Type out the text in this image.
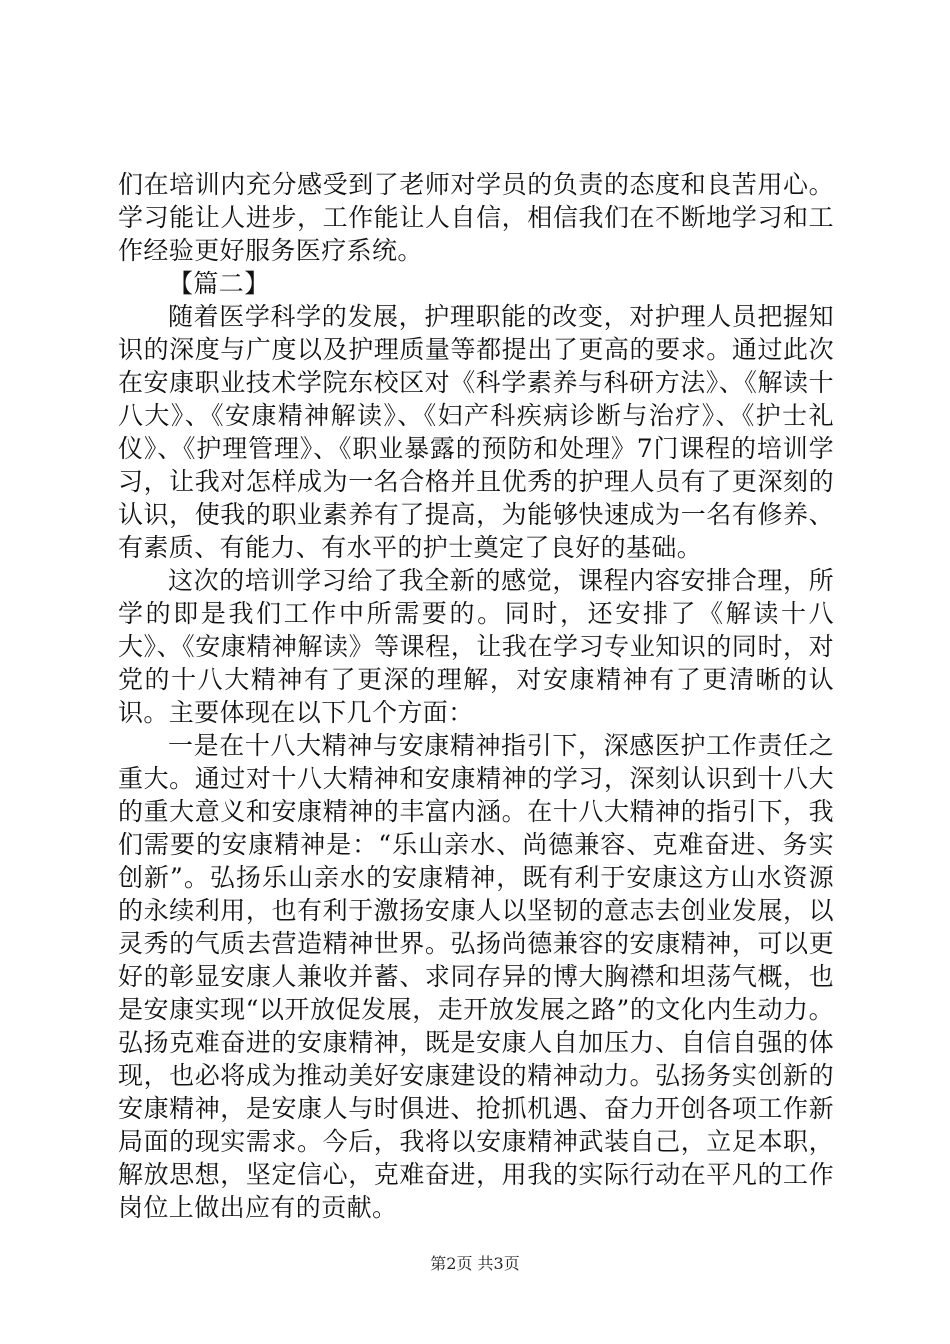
们在培训内充分感受到了老师对学员的负责的态度和良苦用心。学习能让人进步，工作能让人自信，相信我们在不断地学习和工作经验更好服务医疗系统。

【篇二】

随着医学科学的发展，护理职能的改变，对护理人员把握知识的深度与广度以及护理质量等都提出了更高的要求。通过此次在安康职业技术学院东校区对《科学素养与科研方法》、《解读十八大》、《安康精神解读》、《妇产科疾病诊断与治疗》、《护士礼仪》、《护理管理》、《职业暴露的预防和处理》7门课程的培训学习，让我对怎样成为一名合格并且优秀的护理人员有了更深刻的认识，使我的职业素养有了提高，为能够快速成为一名有修养、有素质、有能力、有水平的护士奠定了良好的基础。

这次的培训学习给了我全新的感觉，课程内容安排合理，所学的即是我们工作中所需要的。同时，还安排了《解读十八大》、《安康精神解读》等课程，让我在学习专业知识的同时，对党的十八大精神有了更深的理解，对安康精神有了更清晰的认识。主要体现在以下几个方面：

一是在十八大精神与安康精神指引下，深感医护工作责任之重大。通过对十八大精神和安康精神的学习，深刻认识到十八大的重大意义和安康精神的丰富内涵。在十八大精神的指引下，我们需要的安康精神是：“乐山亲水、尚德兼容、克难奋进、务实创新”。弘扬乐山亲水的安康精神，既有利于安康这方山水资源的永续利用，也有利于激扬安康人以坚韧的意志去创业发展，以灵秀的气质去营造精神世界。弘扬尚德兼容的安康精神，可以更好的彰显安康人兼收并蓄、求同存异的博大胸襟和坦荡气概，也是安康实现“以开放促发展，走开放发展之路”的文化内生动力。弘扬克难奋进的安康精神，既是安康人自加压力、自信自强的体现，也必将成为推动美好安康建设的精神动力。弘扬务实创新的安康精神，是安康人与时俱进、抢抓机遇、奋力开创各项工作新局面的现实需求。今后，我将以安康精神武装自己，立足本职，解放思想，坚定信心，克难奋进，用我的实际行动在平凡的工作岗位上做出应有的贡献。

第2页 共3页
